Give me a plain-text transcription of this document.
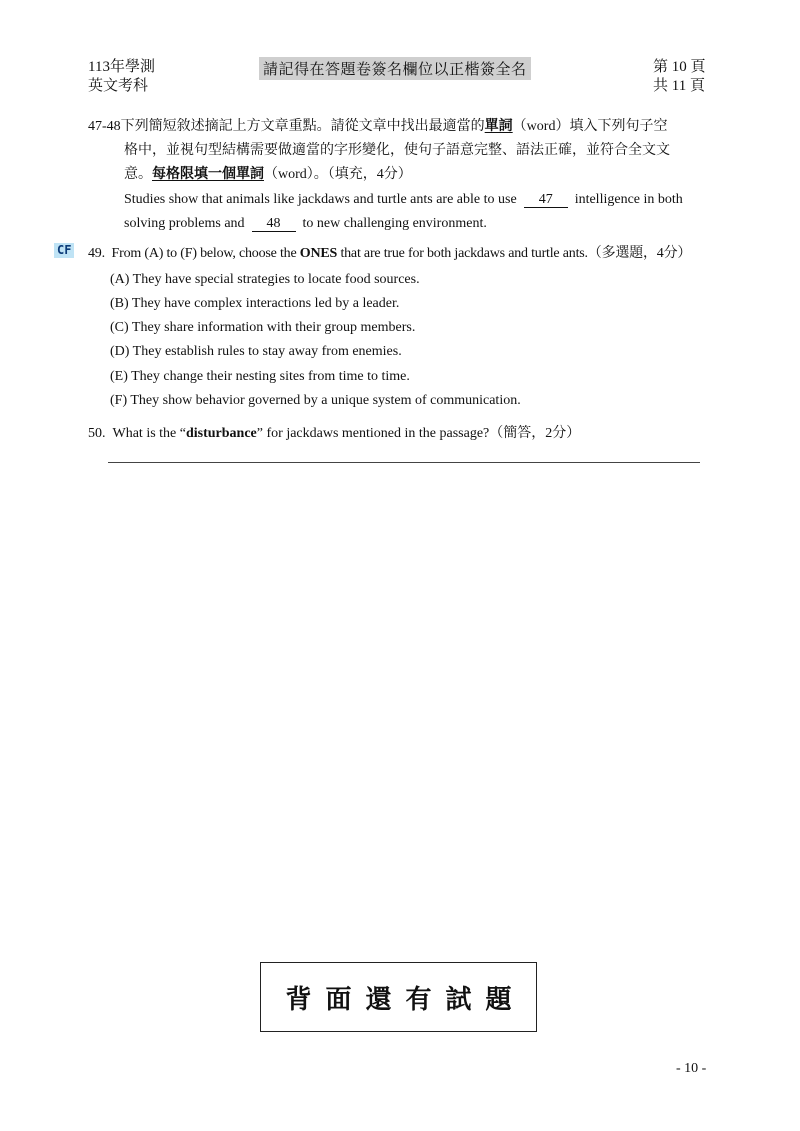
113年學測
英文考科
請記得在答題卷簽名欄位以正楷簽全名	第 10 頁
共 11 頁
47-48下列簡短敘述摘記上方文章重點。請從文章中找出最適當的單詞（word）填入下列句子空
格中，並視句型結構需要做適當的字形變化，使句子語意完整、語法正確，並符合全文文
意。每格限填一個單詞（word）。（填充，4分）
Studies show that animals like jackdaws and turtle ants are able to use 47 intelligence in both
solving problems and 48 to new challenging environment.
CF 49. From (A) to (F) below, choose the ONES that are true for both jackdaws and turtle ants.（多選題，4分）
(A) They have special strategies to locate food sources.
(B) They have complex interactions led by a leader.
(C) They share information with their group members.
(D) They establish rules to stay away from enemies.
(E) They change their nesting sites from time to time.
(F) They show behavior governed by a unique system of communication.
50. What is the “disturbance” for jackdaws mentioned in the passage?（簡答，2分）
背面還有試題
- 10 -
